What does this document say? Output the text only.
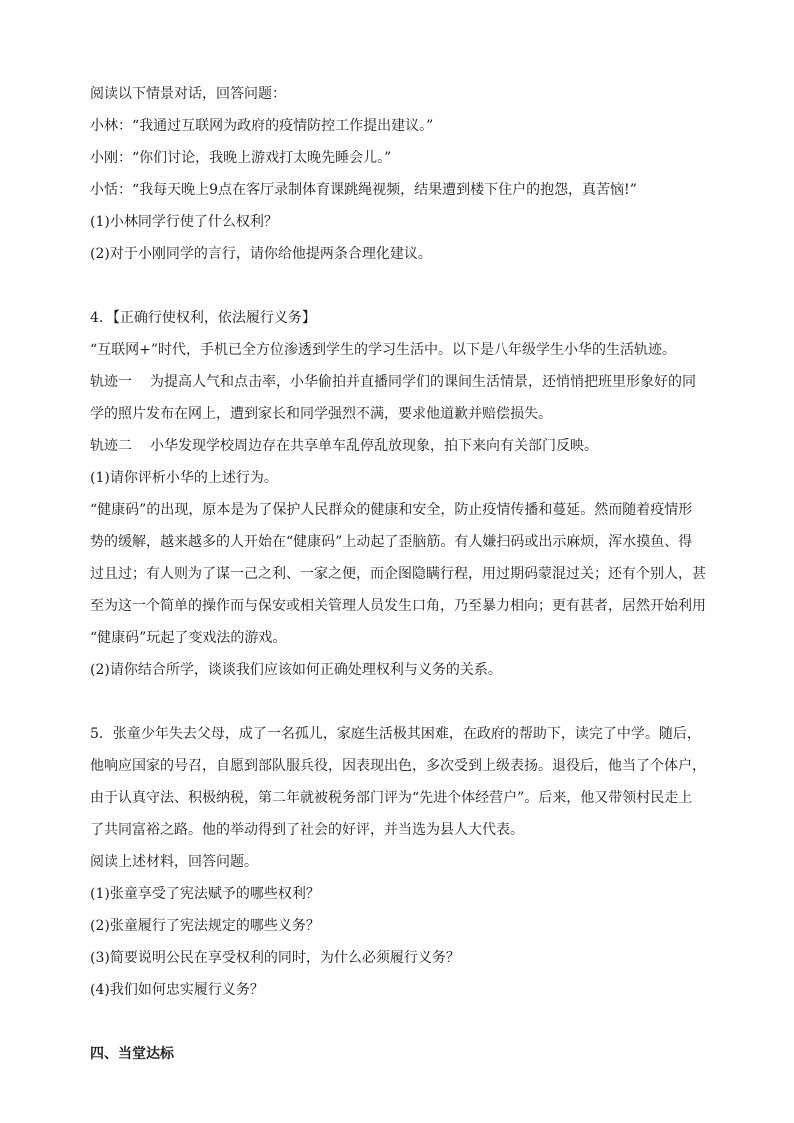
阅读以下情景对话，回答问题：

小林：“我通过互联网为政府的疫情防控工作提出建议。”

小刚：“你们讨论，我晚上游戏打太晚先睡会儿。”

小恬：“我每天晚上9点在客厅录制体育课跳绳视频，结果遭到楼下住户的抱怨，真苦恼!”

(1)小林同学行使了什么权利？

(2)对于小刚同学的言行，请你给他提两条合理化建议。

4．【正确行使权利，依法履行义务】

“互联网+”时代，手机已全方位渗透到学生的学习生活中。以下是八年级学生小华的生活轨迹。

轨迹一 为提高人气和点击率，小华偷拍并直播同学们的课间生活情景，还悄悄把班里形象好的同

学的照片发布在网上，遭到家长和同学强烈不满，要求他道歉并赔偿损失。

轨迹二 小华发现学校周边存在共享单车乱停乱放现象，拍下来向有关部门反映。

(1)请你评析小华的上述行为。

“健康码”的出现，原本是为了保护人民群众的健康和安全，防止疫情传播和蔓延。然而随着疫情形

势的缓解，越来越多的人开始在“健康码”上动起了歪脑筋。有人嫌扫码或出示麻烦，浑水摸鱼、得

过且过；有人则为了谋一己之利、一家之便，而企图隐瞒行程，用过期码蒙混过关；还有个别人，甚

至为这一个简单的操作而与保安或相关管理人员发生口角，乃至暴力相向；更有甚者，居然开始利用

“健康码”玩起了变戏法的游戏。

(2)请你结合所学，谈谈我们应该如何正确处理权利与义务的关系。

5．张童少年失去父母，成了一名孤儿，家庭生活极其困难，在政府的帮助下，读完了中学。随后，

他响应国家的号召，自愿到部队服兵役，因表现出色，多次受到上级表扬。退役后，他当了个体户，

由于认真守法、积极纳税，第二年就被税务部门评为“先进个体经营户”。后来，他又带领村民走上

了共同富裕之路。他的举动得到了社会的好评，并当选为县人大代表。

阅读上述材料，回答问题。

(1)张童享受了宪法赋予的哪些权利？

(2)张童履行了宪法规定的哪些义务？

(3)简要说明公民在享受权利的同时，为什么必须履行义务？

(4)我们如何忠实履行义务？

四、当堂达标
